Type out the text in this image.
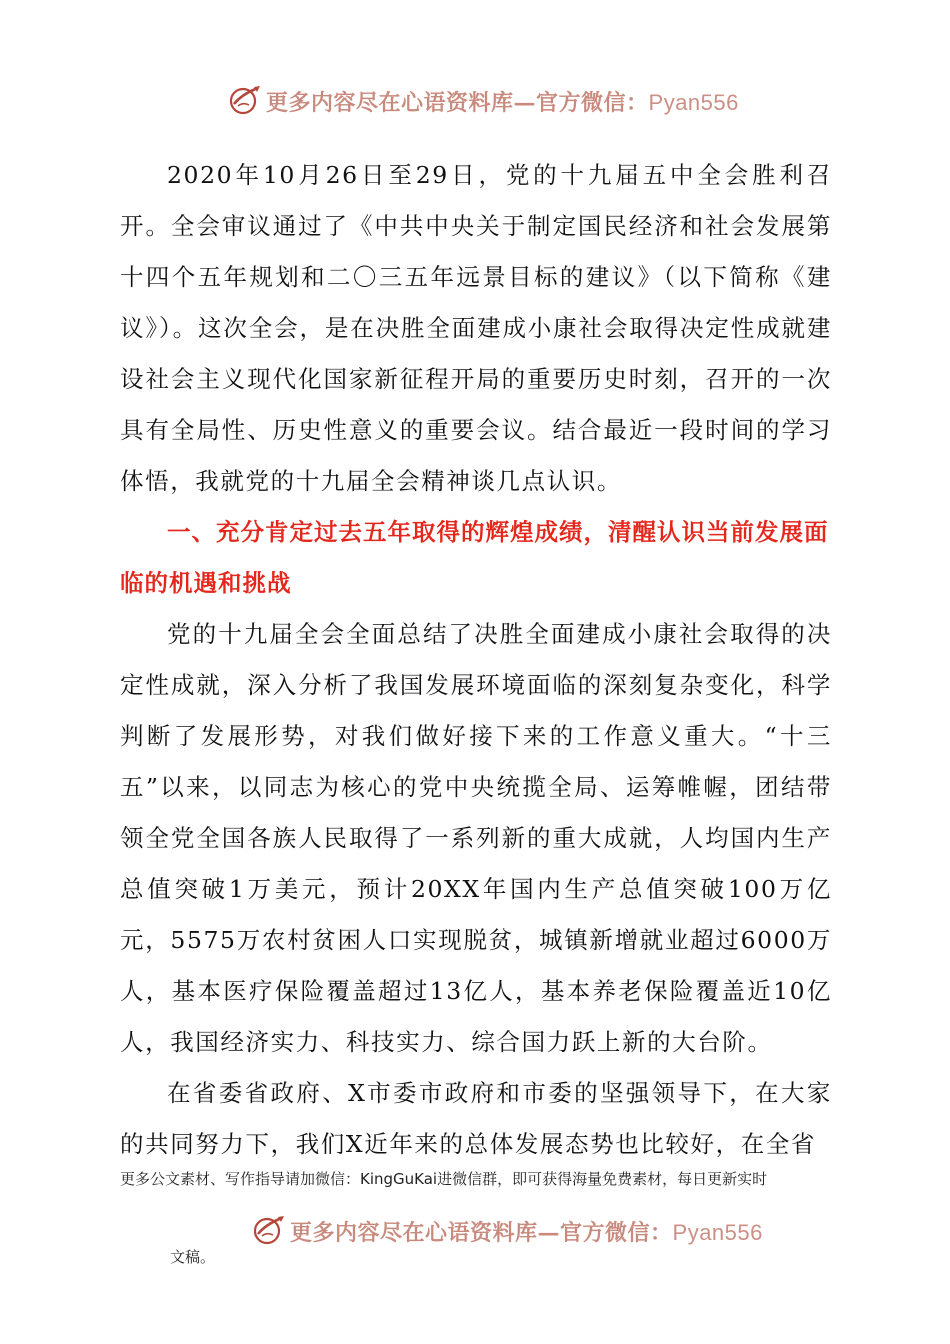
更多内容尽在心语资料库—官方微信：Pyan556

2020年10月26日至29日，党的十九届五中全会胜利召开。全会审议通过了《中共中央关于制定国民经济和社会发展第十四个五年规划和二〇三五年远景目标的建议》（以下简称《建议》）。这次全会，是在决胜全面建成小康社会取得决定性成就建设社会主义现代化国家新征程开局的重要历史时刻，召开的一次具有全局性、历史性意义的重要会议。结合最近一段时间的学习体悟，我就党的十九届全会精神谈几点认识。

一、充分肯定过去五年取得的辉煌成绩，清醒认识当前发展面临的机遇和挑战

党的十九届全会全面总结了决胜全面建成小康社会取得的决定性成就，深入分析了我国发展环境面临的深刻复杂变化，科学判断了发展形势，对我们做好接下来的工作意义重大。“十三五”以来，以同志为核心的党中央统揽全局、运筹帷幄，团结带领全党全国各族人民取得了一系列新的重大成就，人均国内生产总值突破1万美元，预计20XX年国内生产总值突破100万亿元，5575万农村贫困人口实现脱贫，城镇新增就业超过6000万人，基本医疗保险覆盖超过13亿人，基本养老保险覆盖近10亿人，我国经济实力、科技实力、综合国力跃上新的大台阶。

在省委省政府、X市委市政府和市委的坚强领导下，在大家的共同努力下，我们X近年来的总体发展态势也比较好，在全省

更多公文素材、写作指导请加微信：KingGuKai进微信群，即可获得海量免费素材，每日更新实时
更多内容尽在心语资料库—官方微信：Pyan556
文稿。
